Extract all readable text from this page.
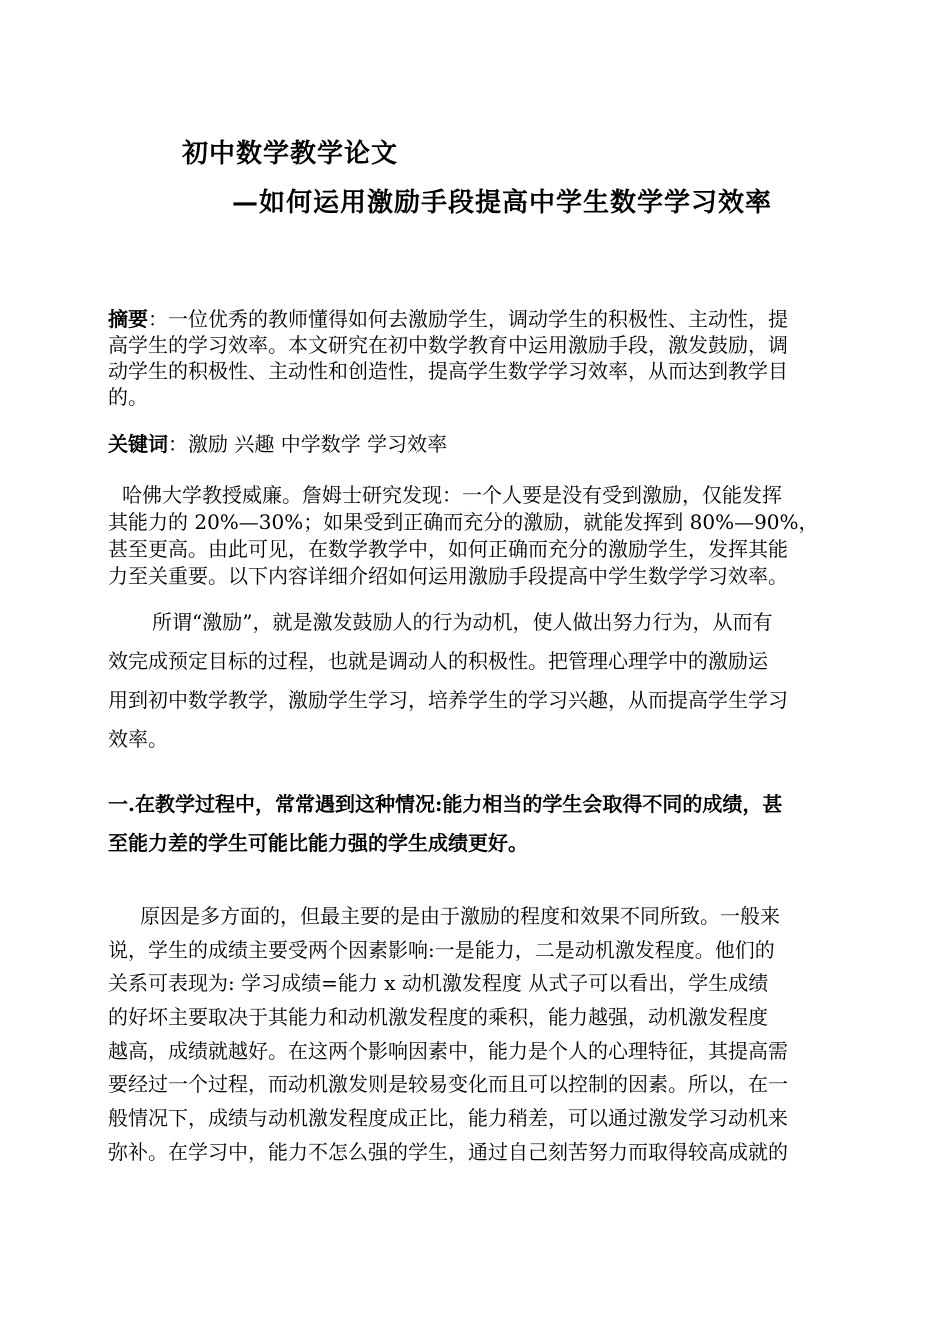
初中数学教学论文
—如何运用激励手段提高中学生数学学习效率
摘要：一位优秀的教师懂得如何去激励学生，调动学生的积极性、主动性，提
高学生的学习效率。本文研究在初中数学教育中运用激励手段，激发鼓励，调
动学生的积极性、主动性和创造性，提高学生数学学习效率，从而达到教学目
的。
关键词：激励 兴趣 中学数学 学习效率
哈佛大学教授威廉。詹姆士研究发现：一个人要是没有受到激励，仅能发挥
其能力的 20%—30%；如果受到正确而充分的激励，就能发挥到 80%—90%，
甚至更高。由此可见，在数学教学中，如何正确而充分的激励学生，发挥其能
力至关重要。以下内容详细介绍如何运用激励手段提高中学生数学学习效率。
所谓“激励”，就是激发鼓励人的行为动机，使人做出努力行为，从而有
效完成预定目标的过程，也就是调动人的积极性。把管理心理学中的激励运
用到初中数学教学，激励学生学习，培养学生的学习兴趣，从而提高学生学习
效率。
一.在教学过程中，常常遇到这种情况:能力相当的学生会取得不同的成绩，甚
至能力差的学生可能比能力强的学生成绩更好。
原因是多方面的，但最主要的是由于激励的程度和效果不同所致。一般来
说，学生的成绩主要受两个因素影响:一是能力，二是动机激发程度。他们的
关系可表现为: 学习成绩=能力 x 动机激发程度 从式子可以看出，学生成绩
的好坏主要取决于其能力和动机激发程度的乘积，能力越强，动机激发程度
越高，成绩就越好。在这两个影响因素中，能力是个人的心理特征，其提高需
要经过一个过程，而动机激发则是较易变化而且可以控制的因素。所以，在一
般情况下，成绩与动机激发程度成正比，能力稍差，可以通过激发学习动机来
弥补。在学习中，能力不怎么强的学生，通过自己刻苦努力而取得较高成就的
